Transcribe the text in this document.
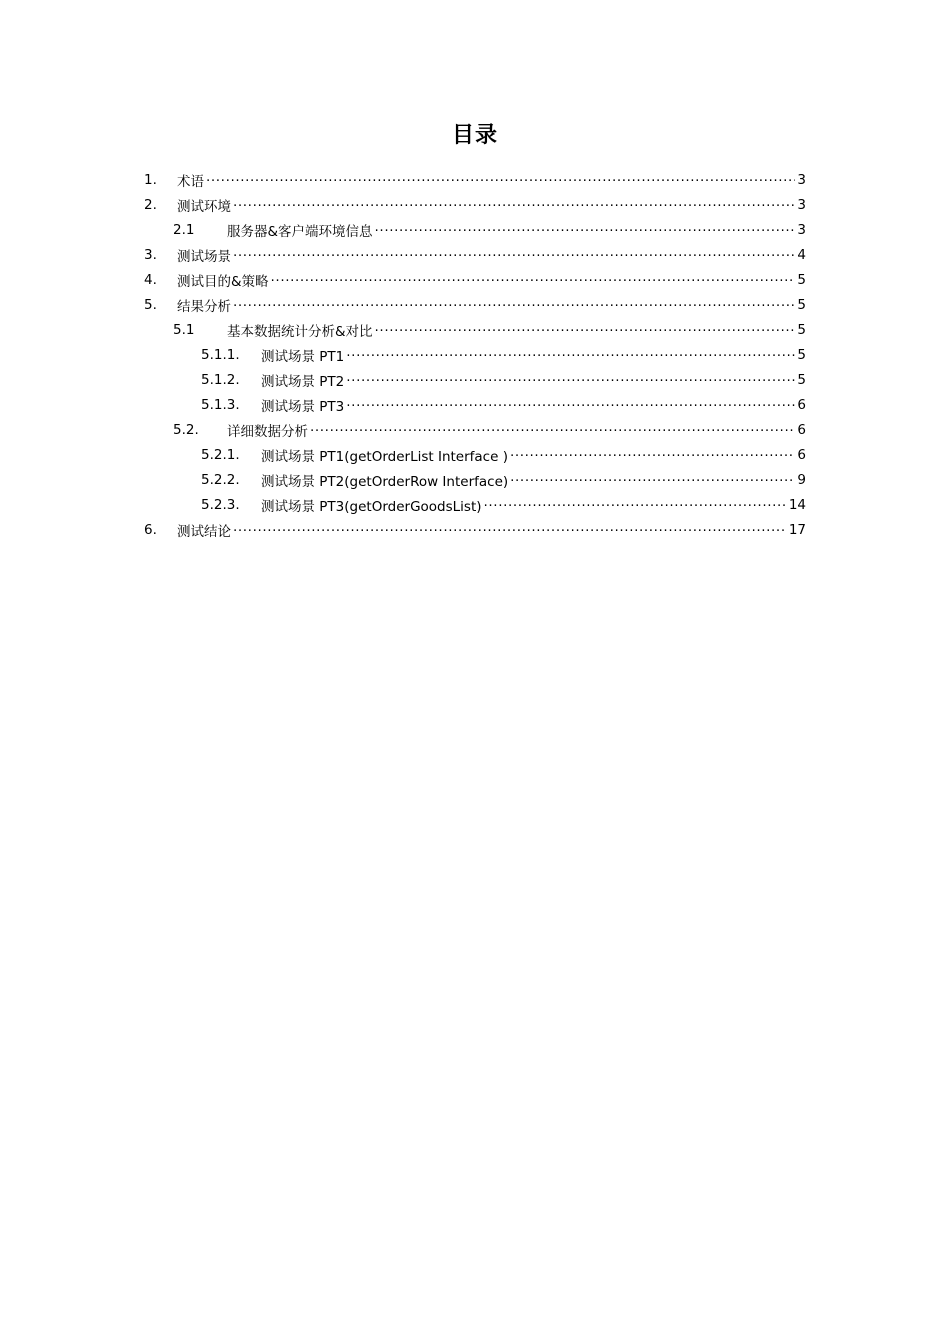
目录
1.	术语 .....	3
2.	测试环境 .....	3
2.1	服务器&客户端环境信息 .....	3
3.	测试场景 .....	4
4.	测试目的&策略 .....	5
5.	结果分析 .....	5
5.1	基本数据统计分析&对比 .....	5
5.1.1.	测试场景 PT1 .....	5
5.1.2.	测试场景 PT2 .....	5
5.1.3.	测试场景 PT3 .....	6
5.2.	详细数据分析 .....	6
5.2.1.	测试场景 PT1(getOrderList Interface ) .....	6
5.2.2.	测试场景 PT2(getOrderRow Interface) .....	9
5.2.3.	测试场景 PT3(getOrderGoodsList) .....	14
6.	测试结论 .....	17
